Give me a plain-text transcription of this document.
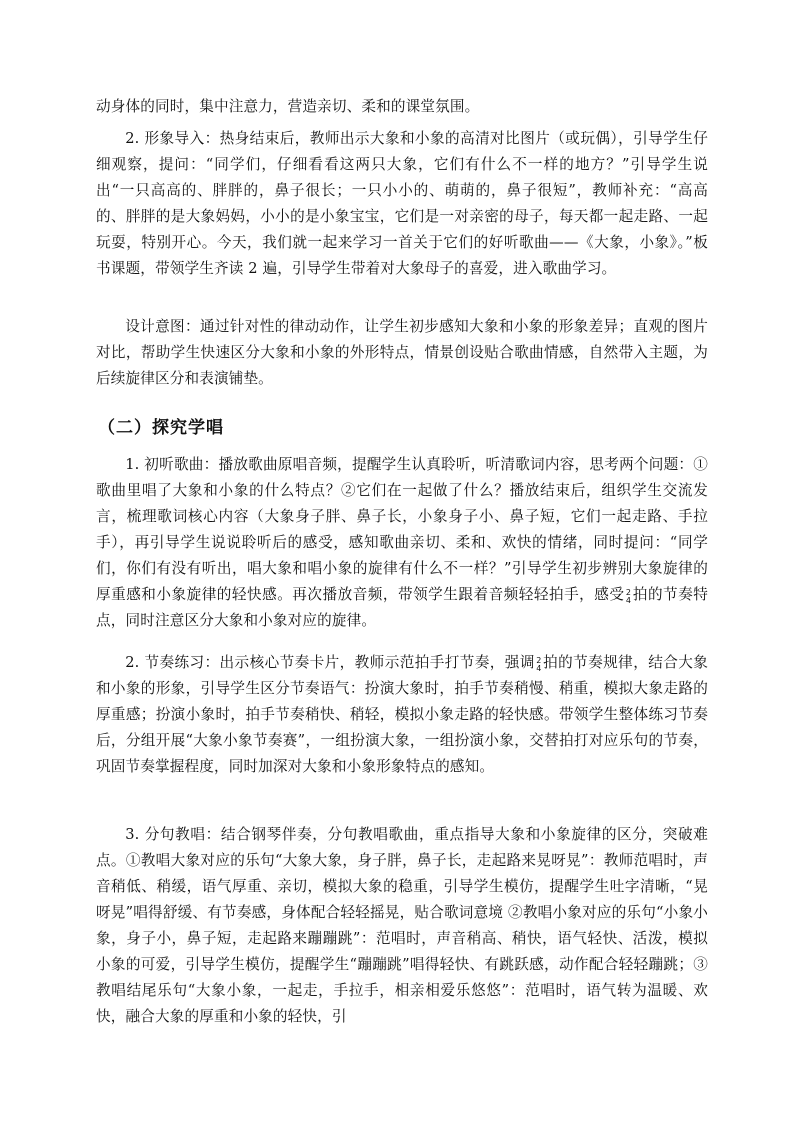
动身体的同时，集中注意力，营造亲切、柔和的课堂氛围。

2. 形象导入：热身结束后，教师出示大象和小象的高清对比图片（或玩偶），引导学生仔细观察，提问：“同学们，仔细看看这两只大象，它们有什么不一样的地方？”引导学生说出“一只高高的、胖胖的，鼻子很长；一只小小的、萌萌的，鼻子很短”，教师补充：“高高的、胖胖的是大象妈妈，小小的是小象宝宝，它们是一对亲密的母子，每天都一起走路、一起玩耍，特别开心。今天，我们就一起来学习一首关于它们的好听歌曲——《大象，小象》。”板书课题，带领学生齐读 2 遍，引导学生带着对大象母子的喜爱，进入歌曲学习。

设计意图：通过针对性的律动动作，让学生初步感知大象和小象的形象差异；直观的图片对比，帮助学生快速区分大象和小象的外形特点，情景创设贴合歌曲情感，自然带入主题，为后续旋律区分和表演铺垫。

（二）探究学唱

1. 初听歌曲：播放歌曲原唱音频，提醒学生认真聆听，听清歌词内容，思考两个问题：①歌曲里唱了大象和小象的什么特点？②它们在一起做了什么？播放结束后，组织学生交流发言，梳理歌词核心内容（大象身子胖、鼻子长，小象身子小、鼻子短，它们一起走路、手拉手），再引导学生说说聆听后的感受，感知歌曲亲切、柔和、欢快的情绪，同时提问：“同学们，你们有没有听出，唱大象和唱小象的旋律有什么不一样？”引导学生初步辨别大象旋律的厚重感和小象旋律的轻快感。再次播放音频，带领学生跟着音频轻轻拍手，感受 2
4 拍的节奏特点，同时注意区分大象和小象对应的旋律。

2. 节奏练习：出示核心节奏卡片，教师示范拍手打节奏，强调 2
4 拍的节奏规律，结合大象和小象的形象，引导学生区分节奏语气：扮演大象时，拍手节奏稍慢、稍重，模拟大象走路的厚重感；扮演小象时，拍手节奏稍快、稍轻，模拟小象走路的轻快感。带领学生整体练习节奏后，分组开展“大象小象节奏赛”，一组扮演大象，一组扮演小象，交替拍打对应乐句的节奏，巩固节奏掌握程度，同时加深对大象和小象形象特点的感知。

3. 分句教唱：结合钢琴伴奏，分句教唱歌曲，重点指导大象和小象旋律的区分，突破难点。①教唱大象对应的乐句“大象大象，身子胖，鼻子长，走起路来晃呀晃”：教师范唱时，声音稍低、稍缓，语气厚重、亲切，模拟大象的稳重，引导学生模仿，提醒学生吐字清晰，“晃呀晃”唱得舒缓、有节奏感，身体配合轻轻摇晃，贴合歌词意境 ②教唱小象对应的乐句“小象小象，身子小，鼻子短，走起路来蹦蹦跳”：范唱时，声音稍高、稍快，语气轻快、活泼，模拟小象的可爱，引导学生模仿，提醒学生“蹦蹦跳”唱得轻快、有跳跃感，动作配合轻轻蹦跳；③教唱结尾乐句“大象小象，一起走，手拉手，相亲相爱乐悠悠”：范唱时，语气转为温暖、欢快，融合大象的厚重和小象的轻快，引
